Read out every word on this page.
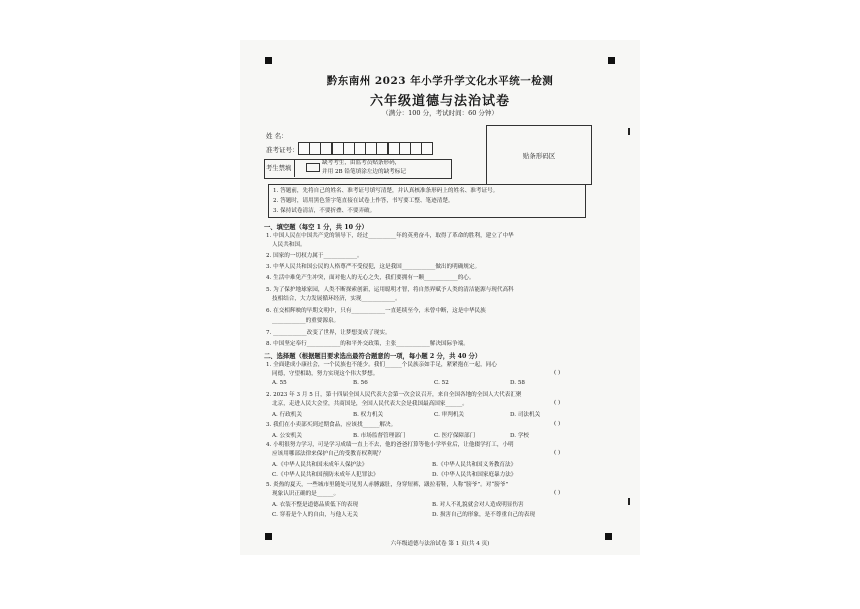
黔东南州 2023 年小学升学文化水平统一检测
六年级道德与法治试卷
（满分：100 分，考试时间：60 分钟）
姓 名：
准考证号：
考生禁填
缺考考生，由监考员贴条形码，
并用 2B 铅笔填涂左边的缺考标记
贴条形码区
1. 答题前，先将自己的姓名、准考证号填写清楚，并认真核准条形码上的姓名、准考证号。
2. 答题时，请用黑色签字笔直接在试卷上作答，书写要工整、笔迹清楚。
3. 保持试卷清洁，不要折叠、不要弄破。
一、填空题（每空 1 分，共 10 分）
1. 中国人民在中国共产党的领导下，经过__________年的英勇奋斗，取得了革命的胜利，建立了中华
人民共和国。
2. 国家的一切权力属于____________。
3. 中华人民共和国公民的人格尊严不受侵犯，这是我国____________做出的明确规定。
4. 生活中难免产生冲突，面对他人的无心之失，我们要拥有一颗____________的心。
5. 为了保护地球家园，人类不断探索创新，运用聪明才智，将自然界赋予人类的清洁能源与现代高科
技相结合，大力发展循环经济，实现____________。
6. 在交相辉映的早期文明中，只有____________一直延续至今，未曾中断，这是中华民族
____________的重要源泉。
7. ____________改变了世界，让梦想变成了现实。
8. 中国坚定奉行____________的和平外交政策，主张____________解决国际争端。
二、选择题（根据题目要求选出最符合题意的一项，每小题 2 分，共 40 分）
1. 全面建成小康社会，一个民族也不能少。我们______个民族亲如手足，紧紧抱在一起，同心
同德，守望相助，努力实现这个伟大梦想。	( )
A. 55	B. 56	C. 52	D. 58
2. 2023 年 3 月 5 日，第十四届全国人民代表大会第一次会议召开，来自全国各地的全国人大代表汇聚
北京，走进人民大会堂，共商国是，全国人民代表大会是我国最高国家______。	( )
A. 行政机关	B. 权力机关	C. 审判机关	D. 司法机关
3. 我们在小卖部买到过期食品，应该找______解决。	( )
A. 公安机关	B. 市场监督管理部门	C. 医疗保障部门	D. 学校
4. 小明很努力学习，可是学习成绩一直上不去，他的爸爸打算等他小学毕业后，让他辍学打工，小明
应该用哪部法律来保护自己的受教育权利呢？	( )
A.《中华人民共和国未成年人保护法》	B.《中华人民共和国义务教育法》
C.《中华人民共和国预防未成年人犯罪法》	D.《中华人民共和国家庭暴力法》
5. 炎热的夏天，一些城市里随处可见男人赤膊露肚，身穿短裤，趿拉着鞋，人称“膀爷”。对“膀爷”
现象认识正确的是______。	( )
A. 衣装不整是道德品质低下的表现	B. 对人不礼貌就会对人造成明显伤害
C. 穿着是个人的自由，与他人无关	D. 损害自己的形象，是不尊重自己的表现
六年级道德与法治试卷 第 1 页(共 4 页)
